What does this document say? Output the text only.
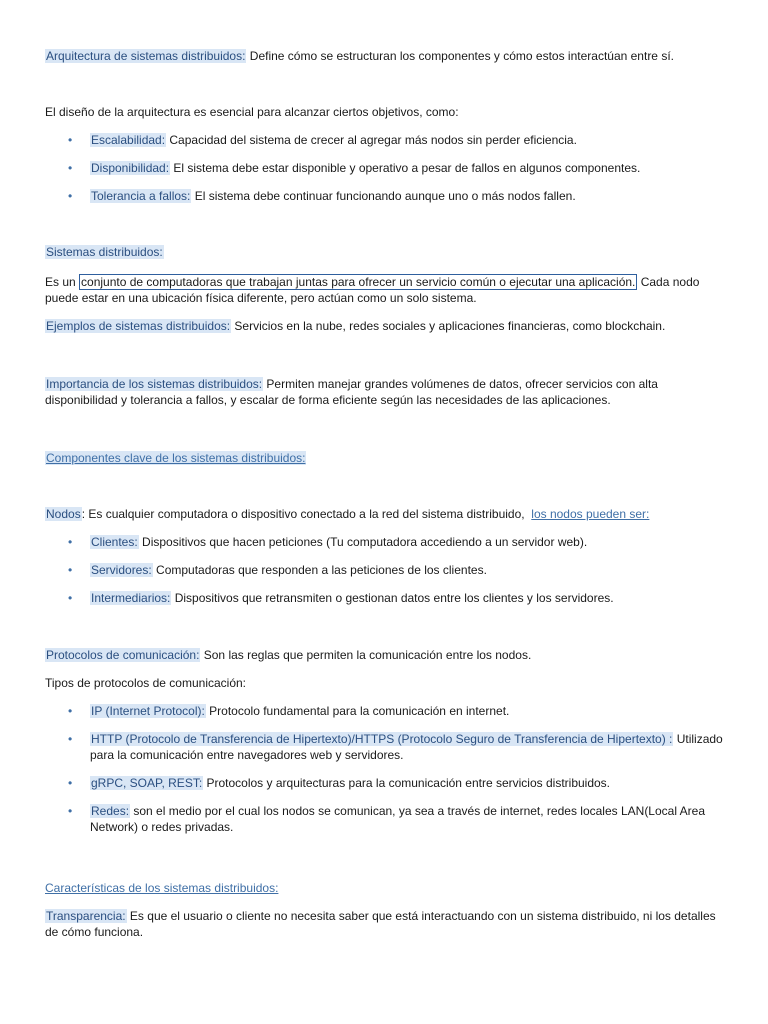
Arquitectura de sistemas distribuidos: Define cómo se estructuran los componentes y cómo estos interactúan entre sí.

El diseño de la arquitectura es esencial para alcanzar ciertos objetivos, como:

• Escalabilidad: Capacidad del sistema de crecer al agregar más nodos sin perder eficiencia.
• Disponibilidad: El sistema debe estar disponible y operativo a pesar de fallos en algunos componentes.
• Tolerancia a fallos: El sistema debe continuar funcionando aunque uno o más nodos fallen.

Sistemas distribuidos:

Es un conjunto de computadoras que trabajan juntas para ofrecer un servicio común o ejecutar una aplicación. Cada nodo puede estar en una ubicación física diferente, pero actúan como un solo sistema.

Ejemplos de sistemas distribuidos: Servicios en la nube, redes sociales y aplicaciones financieras, como blockchain.

Importancia de los sistemas distribuidos: Permiten manejar grandes volúmenes de datos, ofrecer servicios con alta disponibilidad y tolerancia a fallos, y escalar de forma eficiente según las necesidades de las aplicaciones.

Componentes clave de los sistemas distribuidos:

Nodos: Es cualquier computadora o dispositivo conectado a la red del sistema distribuido, los nodos pueden ser:

• Clientes: Dispositivos que hacen peticiones (Tu computadora accediendo a un servidor web).
• Servidores: Computadoras que responden a las peticiones de los clientes.
• Intermediarios: Dispositivos que retransmiten o gestionan datos entre los clientes y los servidores.

Protocolos de comunicación: Son las reglas que permiten la comunicación entre los nodos.

Tipos de protocolos de comunicación:

• IP (Internet Protocol): Protocolo fundamental para la comunicación en internet.
• HTTP (Protocolo de Transferencia de Hipertexto)/HTTPS (Protocolo Seguro de Transferencia de Hipertexto) : Utilizado para la comunicación entre navegadores web y servidores.
• gRPC, SOAP, REST: Protocolos y arquitecturas para la comunicación entre servicios distribuidos.
• Redes: son el medio por el cual los nodos se comunican, ya sea a través de internet, redes locales LAN(Local Area Network) o redes privadas.

Características de los sistemas distribuidos:

Transparencia: Es que el usuario o cliente no necesita saber que está interactuando con un sistema distribuido, ni los detalles de cómo funciona.
